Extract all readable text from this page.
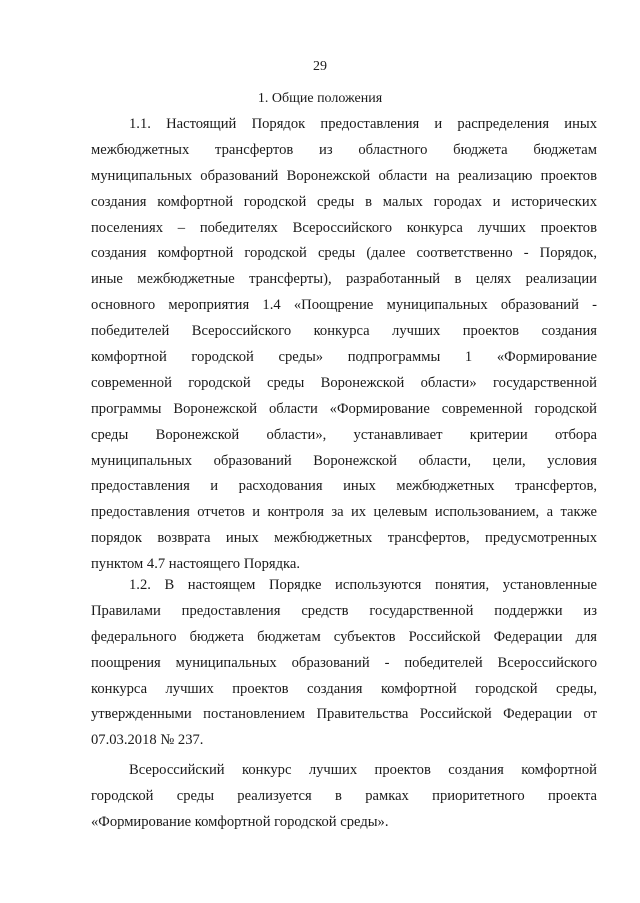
29
1. Общие положения
1.1. Настоящий Порядок предоставления и распределения иных
межбюджетных трансфертов из областного бюджета бюджетам
муниципальных образований Воронежской области на реализацию проектов
создания комфортной городской среды в малых городах и исторических
поселениях – победителях Всероссийского конкурса лучших проектов
создания комфортной городской среды (далее соответственно - Порядок,
иные межбюджетные трансферты), разработанный в целях реализации
основного мероприятия 1.4 «Поощрение муниципальных образований -
победителей Всероссийского конкурса лучших проектов создания
комфортной городской среды» подпрограммы 1 «Формирование
современной городской среды Воронежской области» государственной
программы Воронежской области «Формирование современной городской
среды Воронежской области», устанавливает критерии отбора
муниципальных образований Воронежской области, цели, условия
предоставления и расходования иных межбюджетных трансфертов,
предоставления отчетов и контроля за их целевым использованием, а также
порядок возврата иных межбюджетных трансфертов, предусмотренных
пунктом 4.7 настоящего Порядка.
1.2. В настоящем Порядке используются понятия, установленные
Правилами предоставления средств государственной поддержки из
федерального бюджета бюджетам субъектов Российской Федерации для
поощрения муниципальных образований - победителей Всероссийского
конкурса лучших проектов создания комфортной городской среды,
утвержденными постановлением Правительства Российской Федерации от
07.03.2018 № 237.
Всероссийский конкурс лучших проектов создания комфортной
городской среды реализуется в рамках приоритетного проекта
«Формирование комфортной городской среды».
